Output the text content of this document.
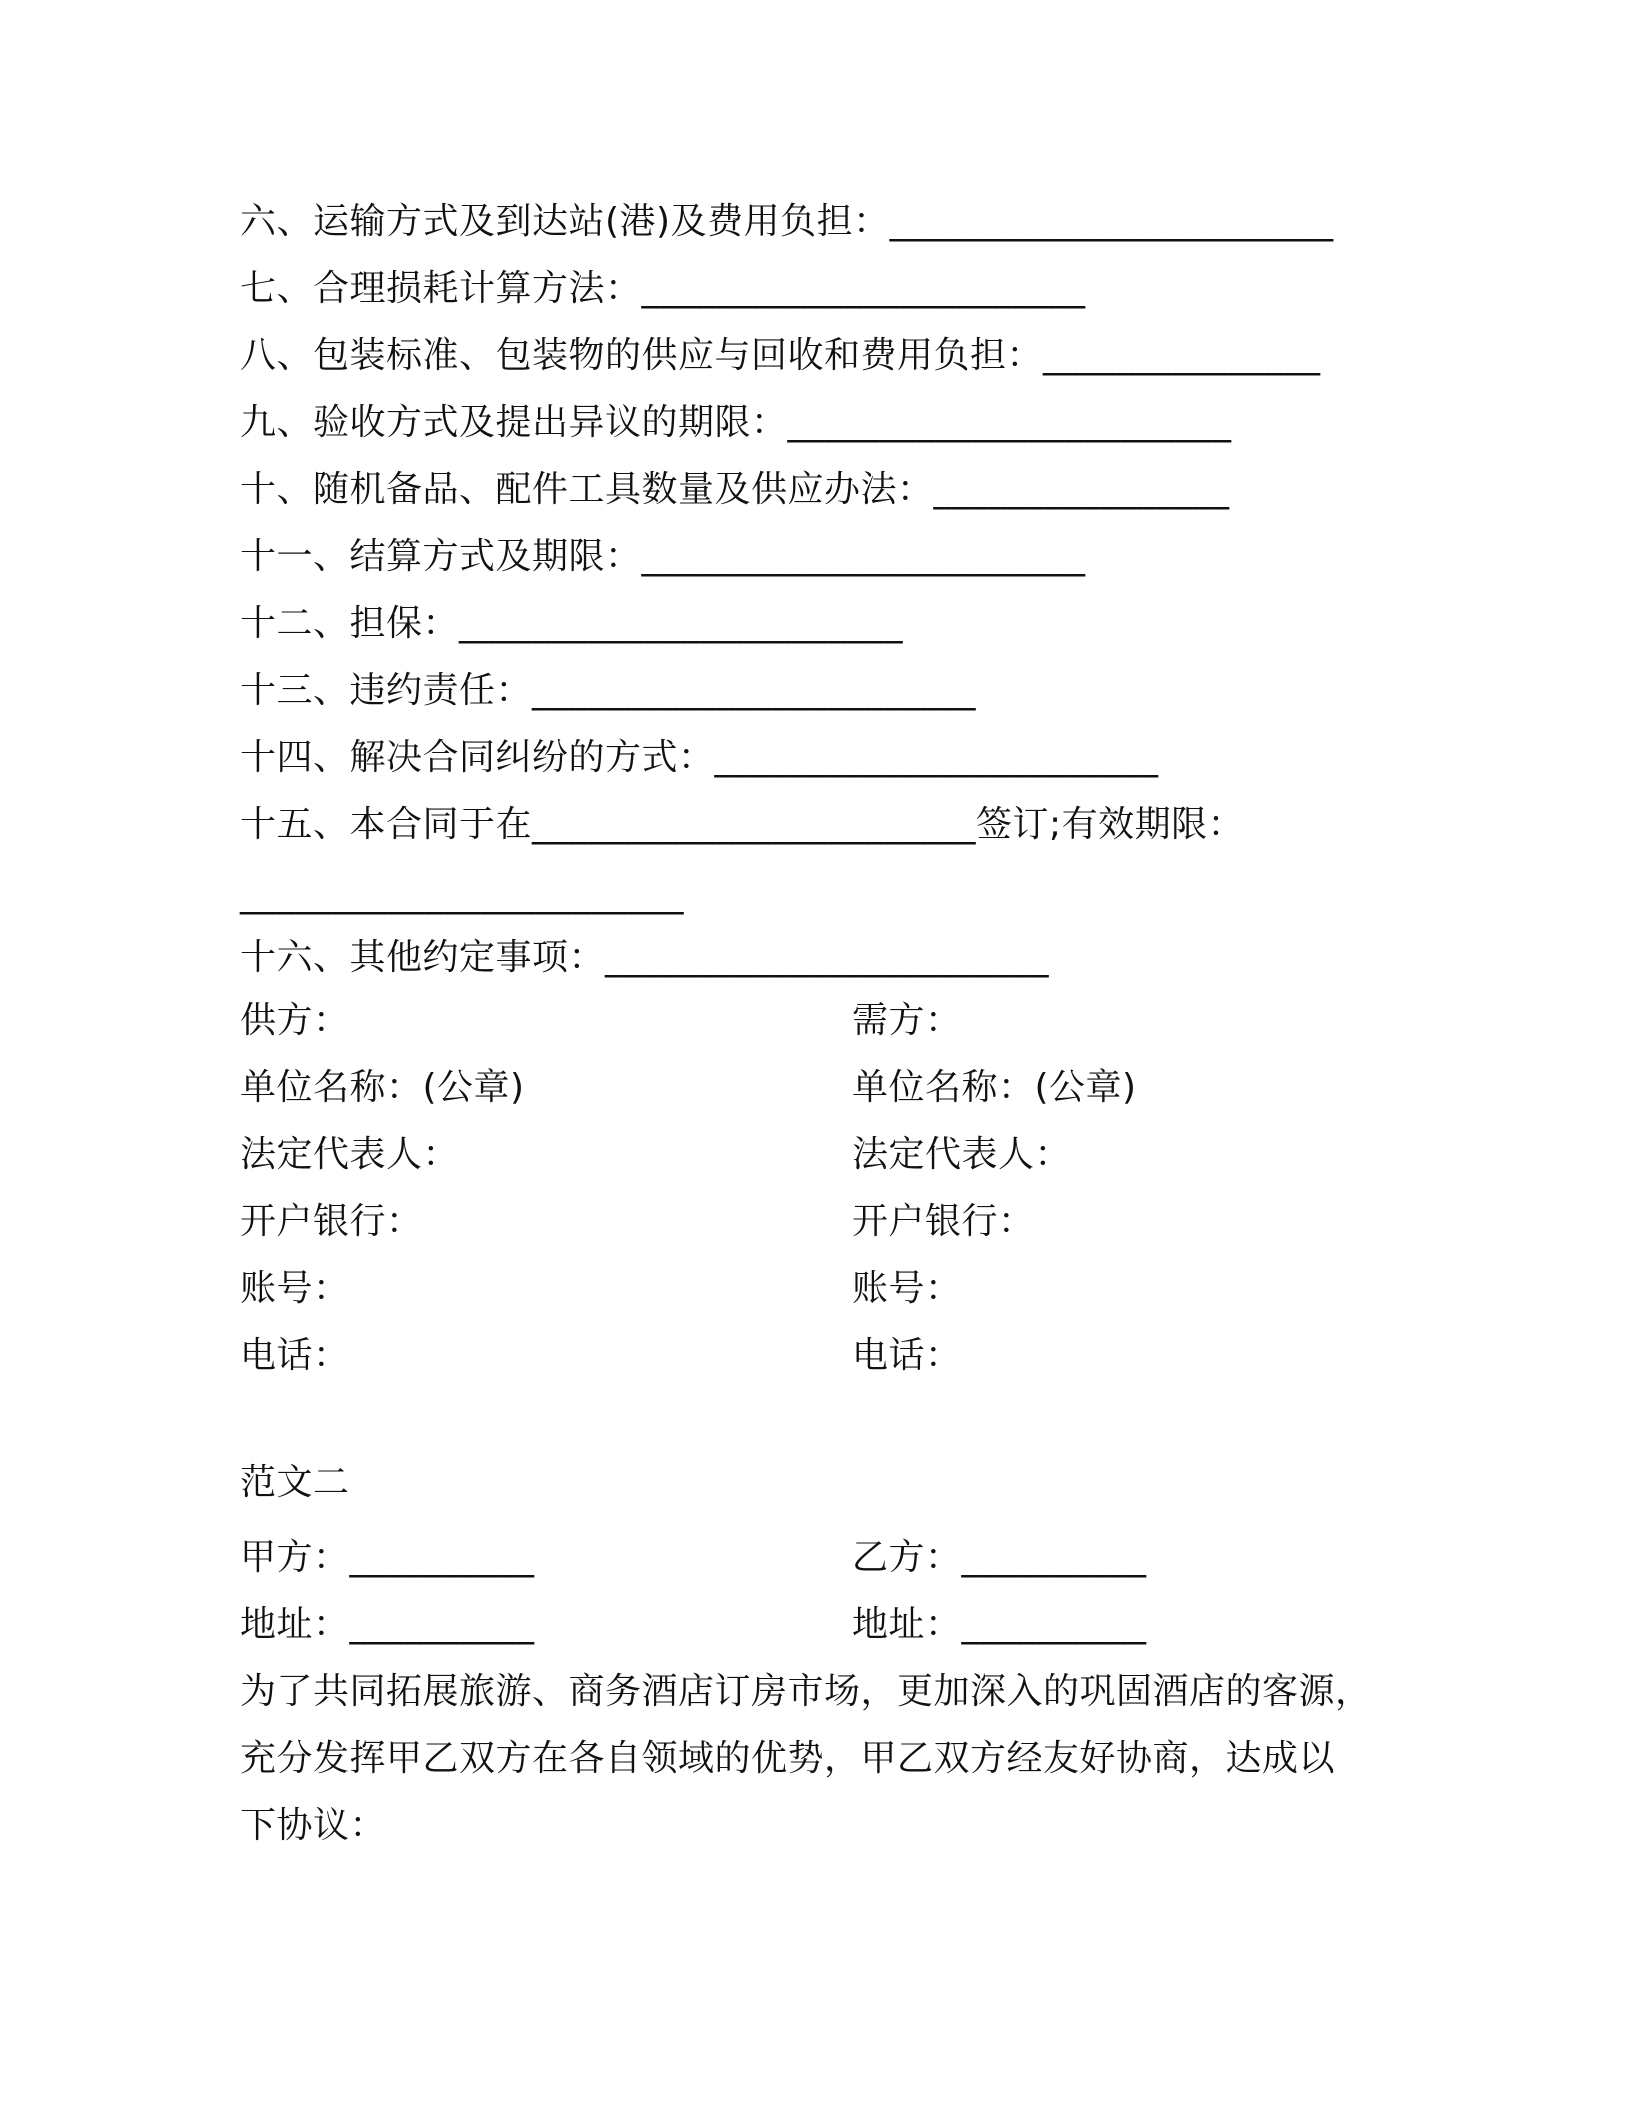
六、运输方式及到达站(港)及费用负担：________________________
七、合理损耗计算方法：________________________
八、包装标准、包装物的供应与回收和费用负担：_______________
九、验收方式及提出异议的期限：________________________
十、随机备品、配件工具数量及供应办法：________________
十一、结算方式及期限：________________________
十二、担保：________________________
十三、违约责任：________________________
十四、解决合同纠纷的方式：________________________
十五、本合同于在________________________签订;有效期限：
________________________
十六、其他约定事项：________________________
供方：	需方：
单位名称：(公章)	单位名称：(公章)
法定代表人：	法定代表人：
开户银行：	开户银行：
账号：	账号：
电话：	电话：
范文二
甲方：__________	乙方：__________
地址：__________	地址：__________
为了共同拓展旅游、商务酒店订房市场，更加深入的巩固酒店的客源，
充分发挥甲乙双方在各自领域的优势，甲乙双方经友好协商，达成以
下协议：
